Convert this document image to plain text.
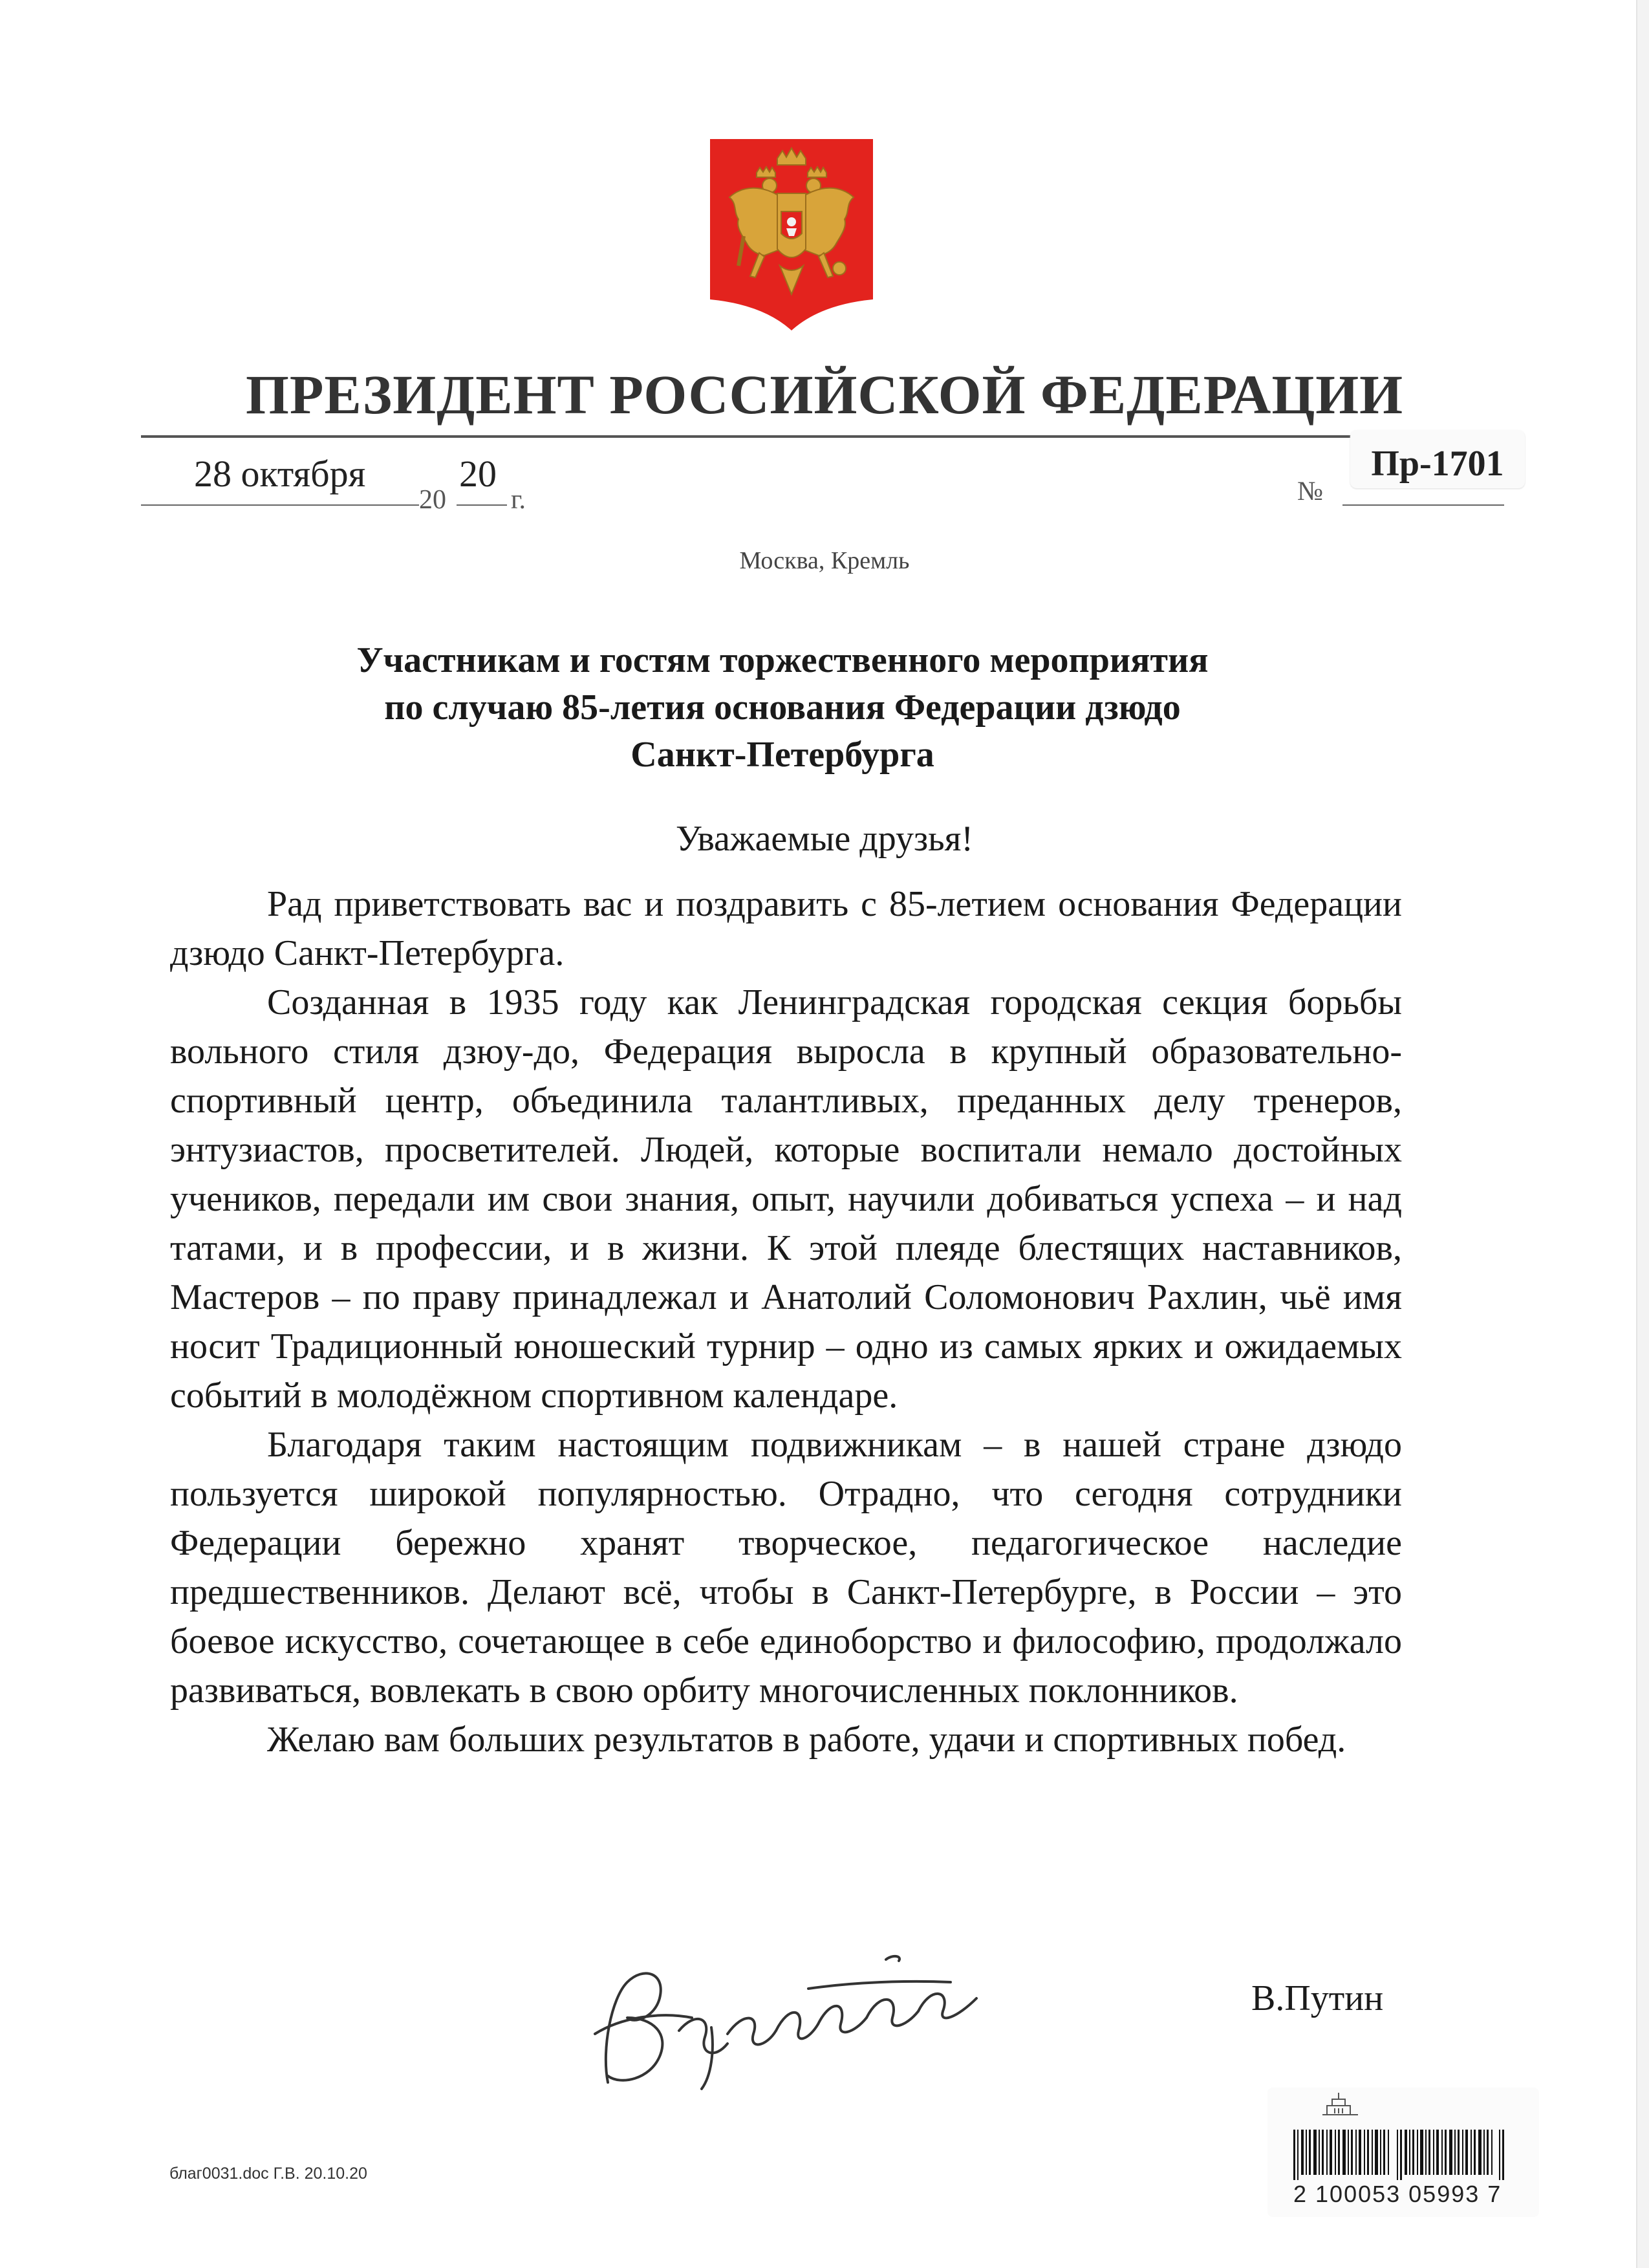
ПРЕЗИДЕНТ РОССИЙСКОЙ ФЕДЕРАЦИИ
Пр-1701
№
28 октября
20
20
г.
Москва, Кремль
Участникам и гостям торжественного мероприятия
по случаю 85-летия основания Федерации дзюдо
Санкт-Петербурга
Уважаемые друзья!

Рад приветствовать вас и поздравить с 85-летием основания Федерации дзюдо Санкт-Петербурга.

Созданная в 1935 году как Ленинградская городская секция борьбы вольного стиля дзюу-до, Федерация выросла в крупный образовательно-спортивный центр, объединила талантливых, преданных делу тренеров, энтузиастов, просветителей. Людей, которые воспитали немало достойных учеников, передали им свои знания, опыт, научили добиваться успеха – и над татами, и в профессии, и в жизни. К этой плеяде блестящих наставников, Мастеров – по праву принадлежал и Анатолий Соломонович Рахлин, чьё имя носит Традиционный юношеский турнир – одно из самых ярких и ожидаемых событий в молодёжном спортивном календаре.

Благодаря таким настоящим подвижникам – в нашей стране дзюдо пользуется широкой популярностью. Отрадно, что сегодня сотрудники Федерации бережно хранят творческое, педагогическое наследие предшественников. Делают всё, чтобы в Санкт-Петербурге, в России – это боевое искусство, сочетающее в себе единоборство и философию, продолжало развиваться, вовлекать в свою орбиту многочисленных поклонников.

Желаю вам больших результатов в работе, удачи и спортивных побед.

В.Путин
благ0031.doc Г.В. 20.10.20
2 100053 05993 7
